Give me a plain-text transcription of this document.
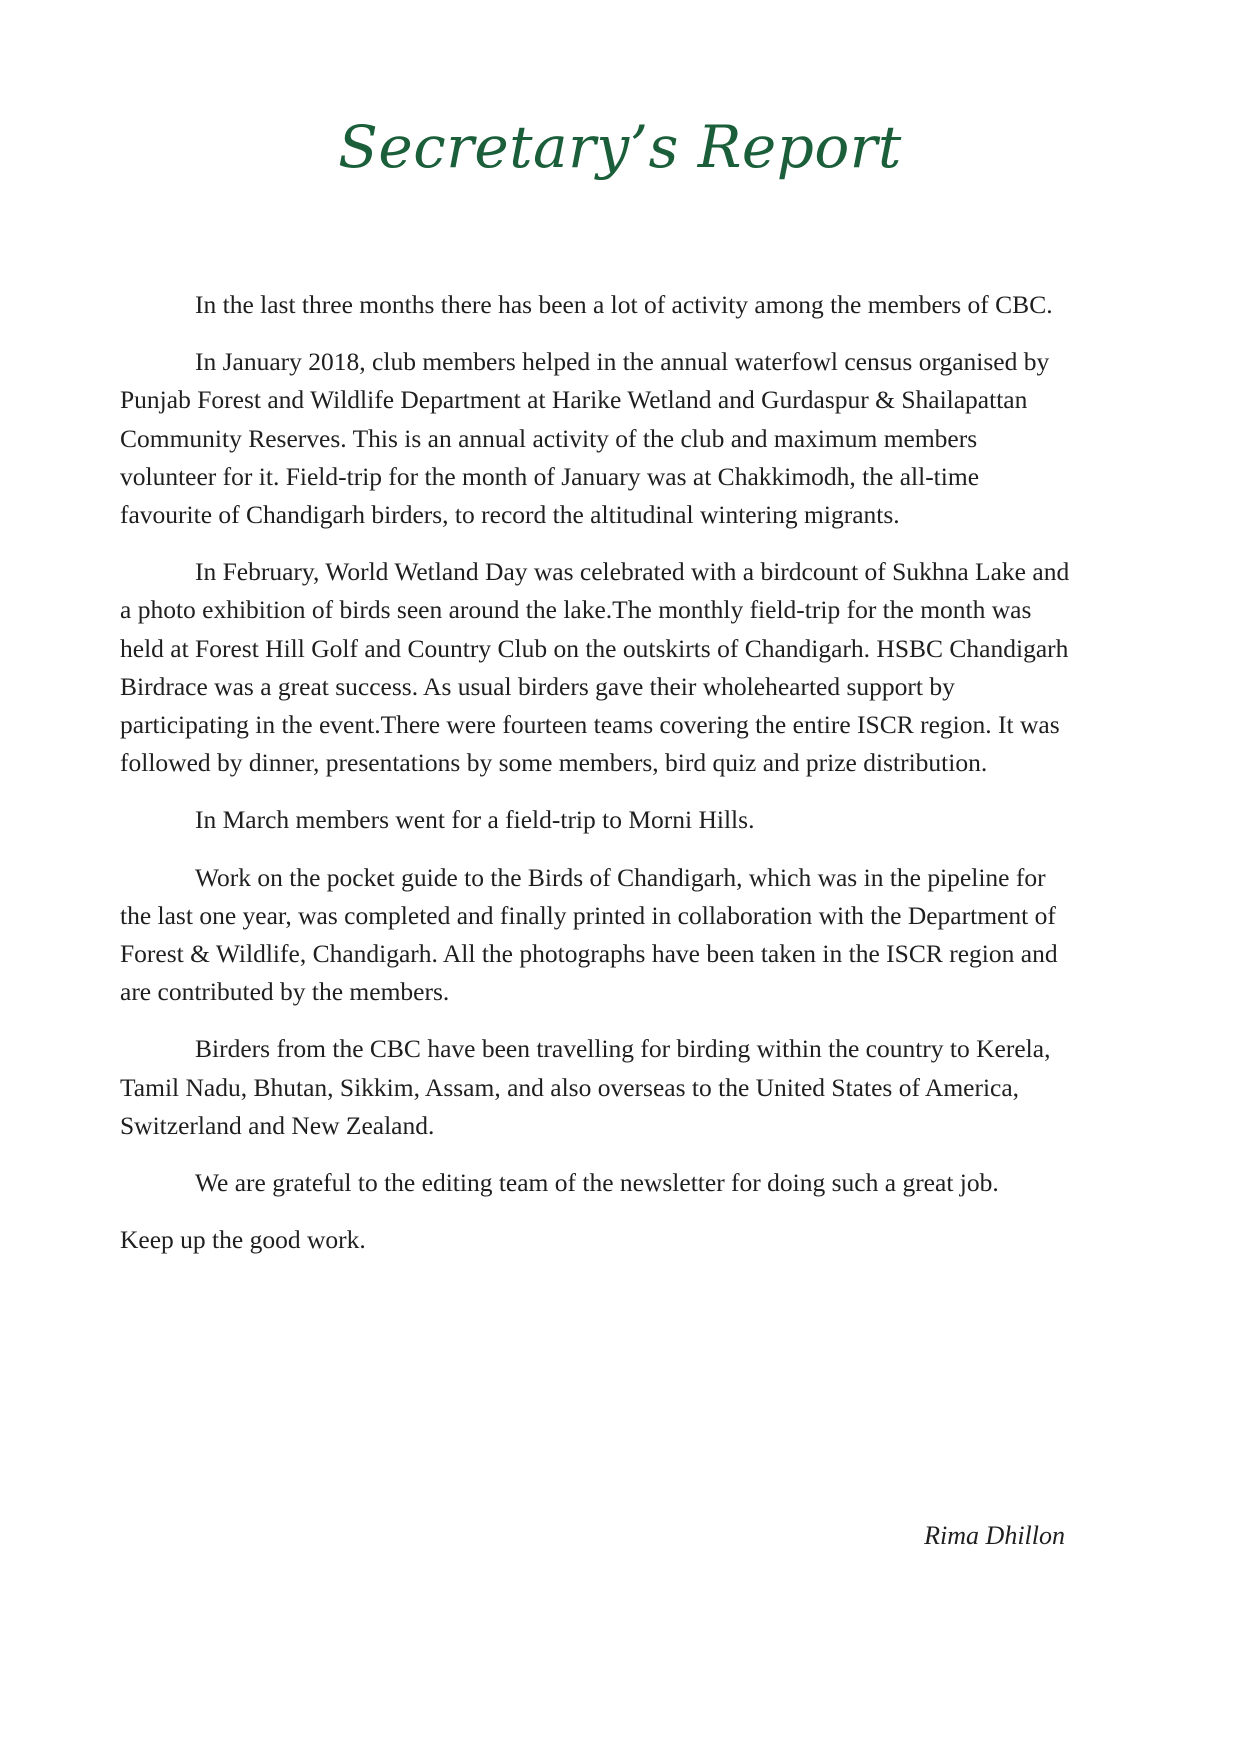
Secretary’s Report

In the last three months there has been a lot of activity among the members of CBC.

In January 2018, club members helped in the annual waterfowl census organised by Punjab Forest and Wildlife Department at Harike Wetland and Gurdaspur & Shailapattan Community Reserves. This is an annual activity of the club and maximum members volunteer for it. Field-trip for the month of January was at Chakkimodh, the all-time favourite of Chandigarh birders, to record the altitudinal wintering migrants.

In February, World Wetland Day was celebrated with a birdcount of Sukhna Lake and a photo exhibition of birds seen around the lake.The monthly field-trip for the month was held at Forest Hill Golf and Country Club on the outskirts of Chandigarh. HSBC Chandigarh Birdrace was a great success. As usual birders gave their wholehearted support by participating in the event.There were fourteen teams covering the entire ISCR region. It was followed by dinner, presentations by some members, bird quiz and prize distribution.

In March members went for a field-trip to Morni Hills.

Work on the pocket guide to the Birds of Chandigarh, which was in the pipeline for the last one year, was completed and finally printed in collaboration with the Department of Forest & Wildlife, Chandigarh. All the photographs have been taken in the ISCR region and are contributed by the members.

Birders from the CBC have been travelling for birding within the country to Kerela, Tamil Nadu, Bhutan, Sikkim, Assam, and also overseas to the United States of America, Switzerland and New Zealand.

We are grateful to the editing team of the newsletter for doing such a great job.

Keep up the good work.

Rima Dhillon
